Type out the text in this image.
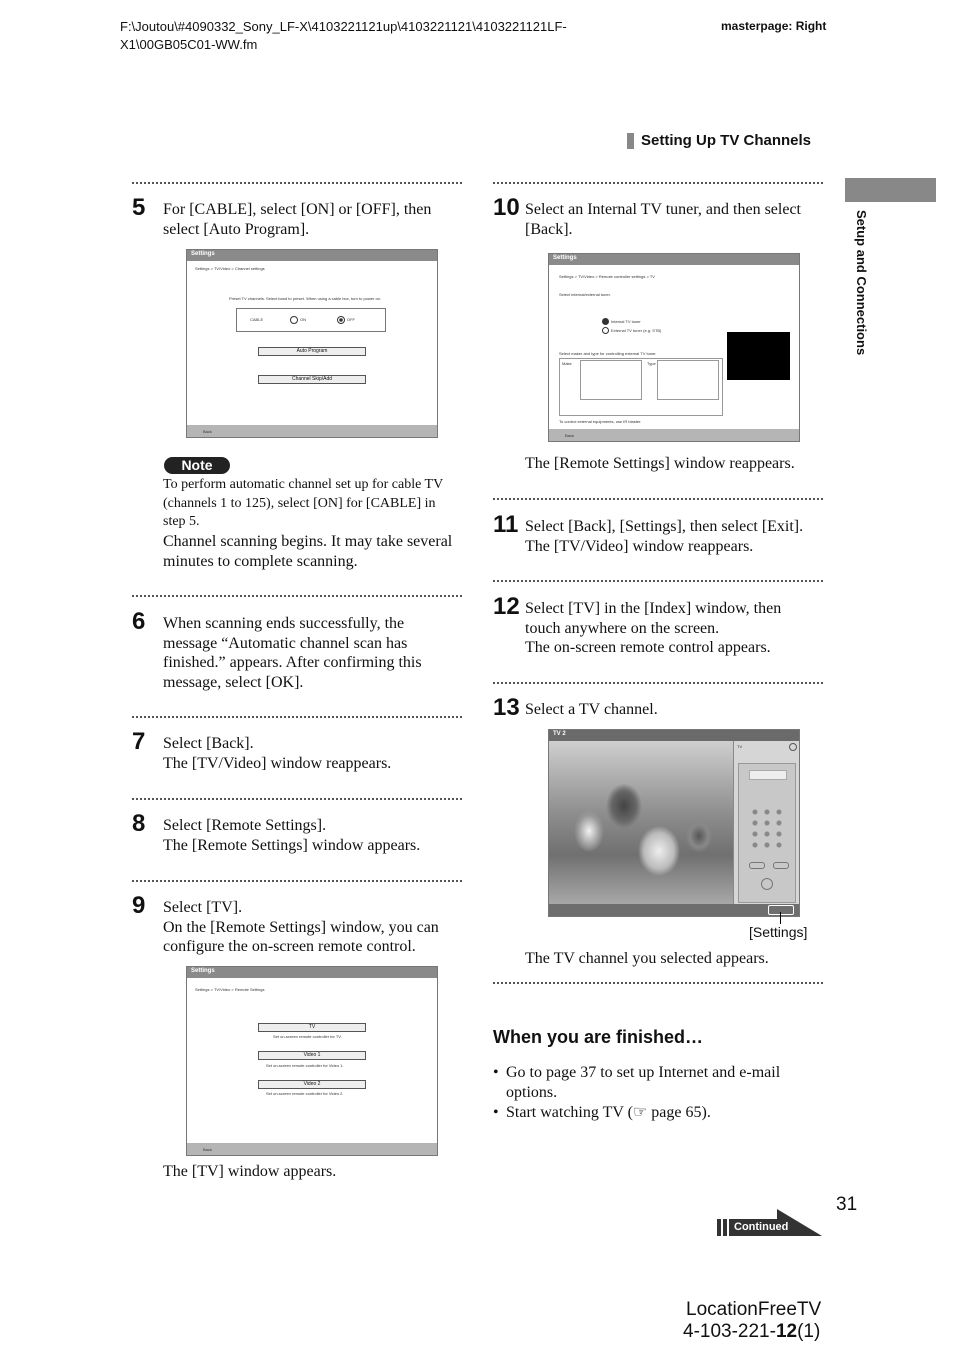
F:\Joutou\#4090332_Sony_LF-X\4103221121up\4103221121\4103221121LF-
X1\00GB05C01-WW.fm
masterpage: Right
Setting Up TV Channels
Setup and Connections
5 For [CABLE], select [ON] or [OFF], then
select [Auto Program].
Settings
Settings > TV/Video > Channel settings
Preset TV channels. Select band to preset. When using a cable box, turn to power on.
CABLE	ON	OFF
Auto Program
Channel Skip/Add
Back
Note
To perform automatic channel set up for cable TV
(channels 1 to 125), select [ON] for [CABLE] in
step 5.
Channel scanning begins. It may take several
minutes to complete scanning.
6 When scanning ends successfully, the
message “Automatic channel scan has
finished.” appears. After confirming this
message, select [OK].
7 Select [Back].
The [TV/Video] window reappears.
8 Select [Remote Settings].
The [Remote Settings] window appears.
9 Select [TV].
On the [Remote Settings] window, you can
configure the on-screen remote control.
Settings
Settings > TV/Video > Remote Settings
TV
Set on-screen remote controller for TV.
Video 1
Set on-screen remote controller for Video 1.
Video 2
Set on-screen remote controller for Video 2.
Back
The [TV] window appears.
10 Select an Internal TV tuner, and then select
[Back].
Settings
Settings > TV/Video > Remote controller settings > TV
Select internal/external tuner.
Internal TV tuner
External TV tuner (e.g. STB)
Select maker and type for controlling external TV tuner.
Make	Type
To control external equipments, use IR blaster.
Back
The [Remote Settings] window reappears.
11 Select [Back], [Settings], then select [Exit].
The [TV/Video] window reappears.
12 Select [TV] in the [Index] window, then
touch anywhere on the screen.
The on-screen remote control appears.
13 Select a TV channel.
TV 2
TV
[Settings]
The TV channel you selected appears.
When you are finished…
• Go to page 37 to set up Internet and e-mail
options.
• Start watching TV (☞ page 65).
31
Continued
LocationFreeTV
4-103-221-12(1)
